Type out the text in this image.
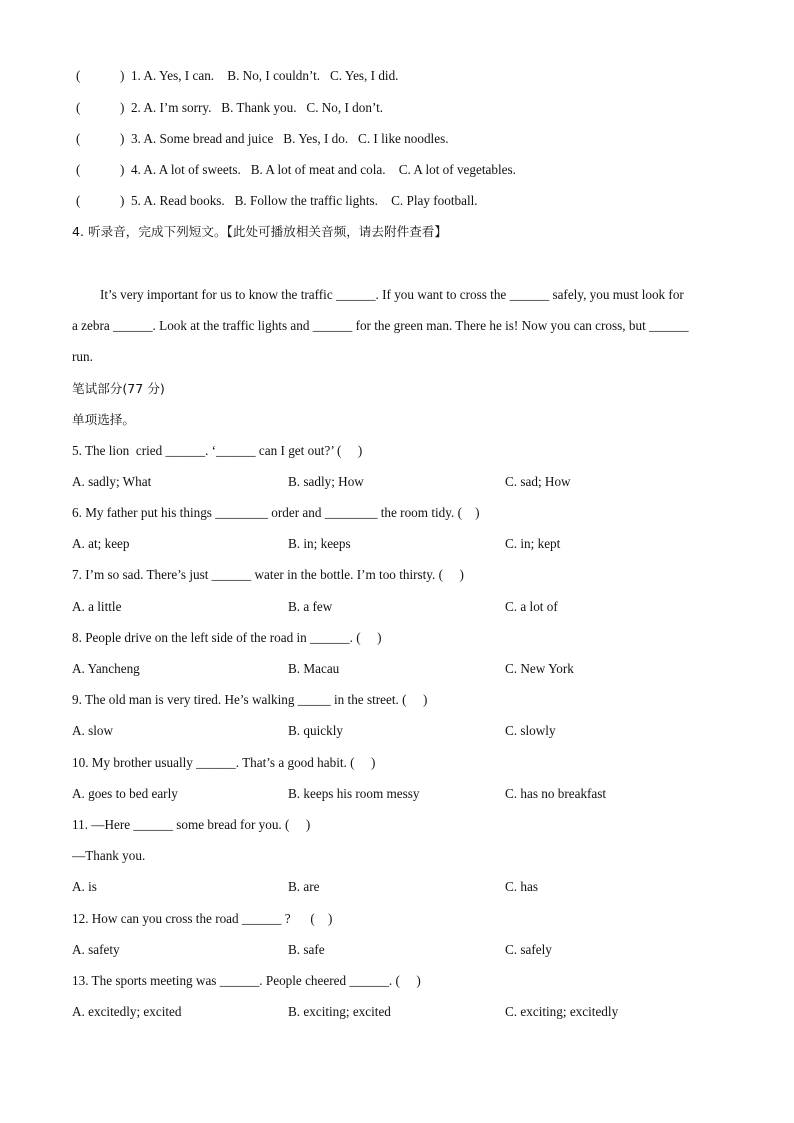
(　　　)  1. A. Yes, I can.    B. No, I couldn’t.   C. Yes, I did.
(　　　)  2. A. I’m sorry.   B. Thank you.   C. No, I don’t.
(　　　)  3. A. Some bread and juice   B. Yes, I do.   C. I like noodles.
(　　　)  4. A. A lot of sweets.   B. A lot of meat and cola.    C. A lot of vegetables.
(　　　)  5. A. Read books.   B. Follow the traffic lights.    C. Play football.
4. 听录音，完成下列短文。【此处可播放相关音频，请去附件查看】
It’s very important for us to know the traffic ______. If you want to cross the ______ safely, you must look for
a zebra ______. Look at the traffic lights and ______ for the green man. There he is! Now you can cross, but ______
run.
笔试部分(77 分)
单项选择。
5. The lion  cried ______. ‘______ can I get out?’ (     )
A. sadly; What	B. sadly; How	C. sad; How
6. My father put his things ________ order and ________ the room tidy. (    )
A. at; keep	B. in; keeps	C. in; kept
7. I’m so sad. There’s just ______ water in the bottle. I’m too thirsty. (     )
A. a little	B. a few	C. a lot of
8. People drive on the left side of the road in ______. (     )
A. Yancheng	B. Macau	C. New York
9. The old man is very tired. He’s walking _____ in the street. (     )
A. slow	B. quickly	C. slowly
10. My brother usually ______. That’s a good habit. (     )
A. goes to bed early	B. keeps his room messy	C. has no breakfast
11. —Here ______ some bread for you. (     )
—Thank you.
A. is	B. are	C. has
12. How can you cross the road ______ ?      (    )
A. safety	B. safe	C. safely
13. The sports meeting was ______. People cheered ______. (     )
A. excitedly; excited	B. exciting; excited	C. exciting; excitedly
